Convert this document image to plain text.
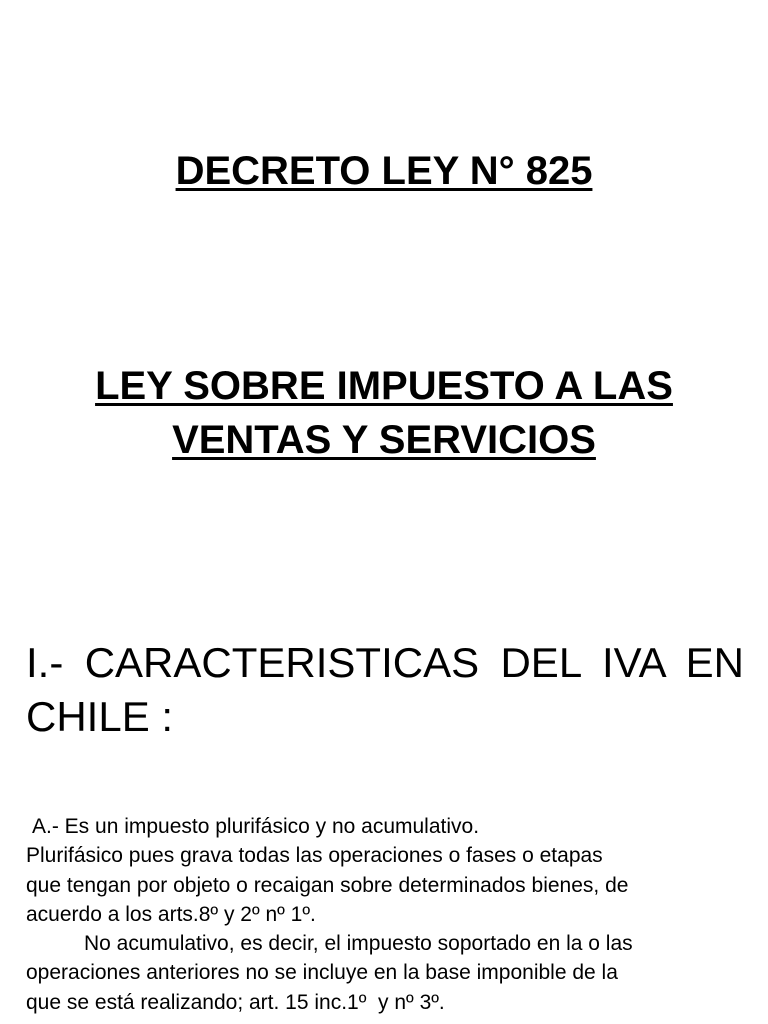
DECRETO LEY N° 825
LEY SOBRE IMPUESTO A LAS
VENTAS Y SERVICIOS
I.- CARACTERISTICAS DEL IVA EN CHILE :

A.- Es un impuesto plurifásico y no acumulativo.

Plurifásico pues grava todas las operaciones o fases o etapas

que tengan por objeto o recaigan sobre determinados bienes, de

acuerdo a los arts.8º y 2º nº 1º.

No acumulativo, es decir, el impuesto soportado en la o las

operaciones anteriores no se incluye en la base imponible de la

que se está realizando; art. 15 inc.1º  y nº 3º.
